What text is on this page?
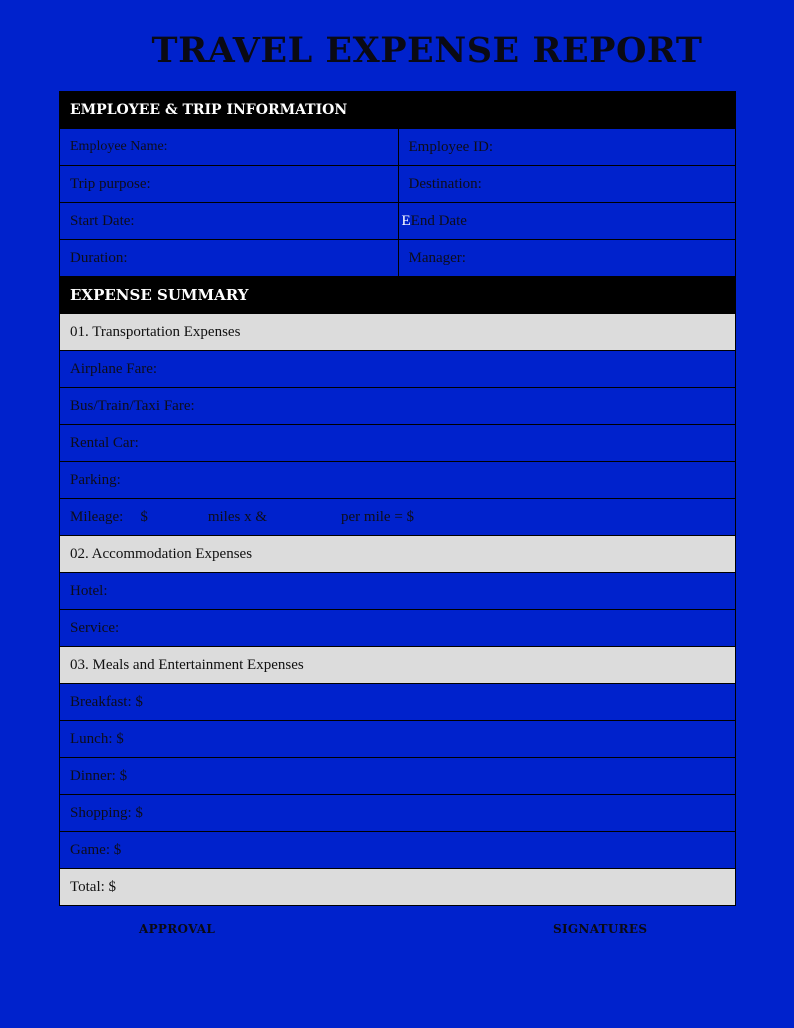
TRAVEL EXPENSE REPORT
EMPLOYEE & TRIP INFORMATION
Employee Name:	Employee ID:
Trip purpose:	Destination:
Start Date:	E End Date
Duration:	Manager:
EXPENSE SUMMARY
01. Transportation Expenses
Airplane Fare:
Bus/Train/Taxi Fare:
Rental Car:
Parking:
Mileage: $	miles x &	per mile = $
02. Accommodation Expenses
Hotel:
Service:
03. Meals and Entertainment Expenses
Breakfast: $
Lunch: $
Dinner: $
Shopping: $
Game: $
Total: $
APPROVAL	SIGNATURES
